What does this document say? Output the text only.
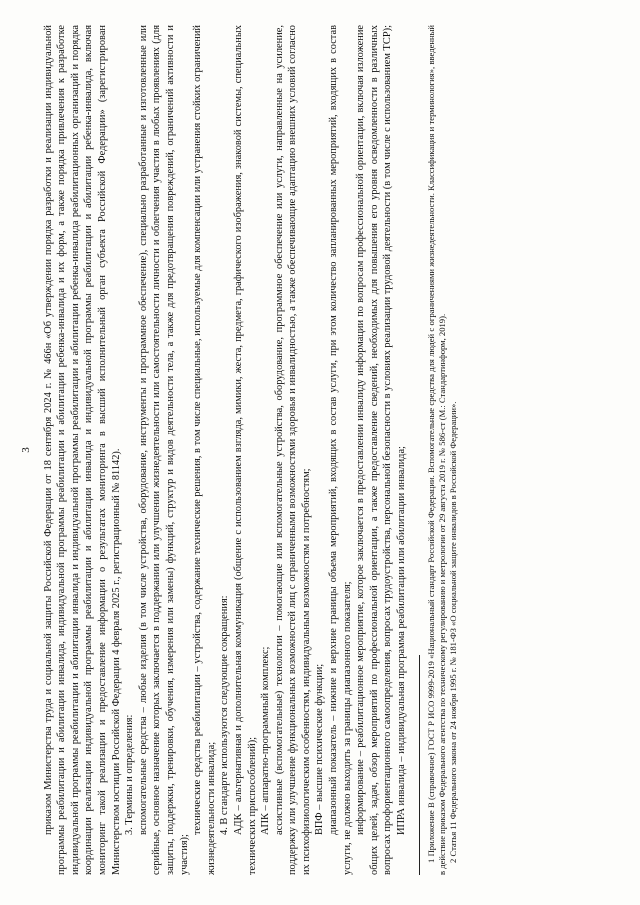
3 приказом Министерства труда и социальной защиты Российской Федерации от 18 сентября 2024 г. № 466н «Об утверждении порядка разработки и реализации индивидуальной программы реабилитации и абилитации инвалида, индивидуальной программы реабилитации и абилитации ребенка-инвалида и их форм, а также порядка привлечения к разработке индивидуальной программы реабилитации и абилитации инвалида и индивидуальной программы реабилитации и абилитации ребенка-инвалида реабилитационных организаций и порядка координации реализации индивидуальной программы реабилитации и абилитации инвалида и индивидуальной программы реабилитации и абилитации ребенка-инвалида, включая мониторинг такой реализации и предоставление информации о результатах мониторинга в высший исполнительный орган субъекта Российской Федерации» (зарегистрирован Министерством юстиции Российской Федерации 4 февраля 2025 г., регистрационный № 81142). 3. Термины и определения: вспомогательные средства – любые изделия (в том числе устройства, оборудование, инструменты и программное обеспечение), специально разработанные и изготовленные или серийные, основное назначение которых заключается в поддержании или улучшении жизнедеятельности или самостоятельности личности и облегчения участия в любых проявлениях (для защиты, поддержки, тренировки, обучения, измерения или замены) функций, структур и видов деятельности тела, а также для предотвращения повреждений, ограничений активности и участия);

технические средства реабилитации – устройства, содержание технические решения, в том числе специальные, используемые для компенсации или устранения стойких ограничений жизнедеятельности инвалида; 4. В стандарте используются следующие сокращения: АДК – альтернативная и дополнительная коммуникация (общение с использованием взгляда, мимики, жеста, предмета, графического изображения, знаковой системы, специальных технических приспособлений); АПК – аппаратно-программный комплекс; ассистивные (вспомогательные) технологии – помогающие или вспомогательные устройства, оборудование, программное обеспечение или услуги, направленные на усиление, поддержку или улучшение функциональных возможностей лиц с ограниченными возможностями здоровья и инвалидностью, а также обеспечивающие адаптацию внешних условий согласно их психофизиологическим особенностям, индивидуальным возможностям и потребностям; ВПФ – высшие психические функции; диапазонный показатель – нижние и верхние границы объема мероприятий, входящих в состав услуги, при этом количество запланированных мероприятий, входящих в состав услуги, не должно выходить за границы диапазонного показателя; информирование – реабилитационное мероприятие, которое заключается в предоставлении инвалиду информации по вопросам профессиональной ориентации, включая изложение общих целей, задач, обзор мероприятий по профессиональной ориентации, а также предоставление сведений, необходимых для повышения его уровня осведомленности в различных вопросах профориентационного самоопределения, вопросах трудоустройства, персональной безопасности в условиях реализации трудовой деятельности (в том числе с использованием ТСР); ИПРА инвалида – индивидуальная программа реабилитации или абилитации инвалида; 1 Приложение В (справочное) ГОСТ Р ИСО 9999-2019 «Национальный стандарт Российской Федерации. Вспомогательные средства для людей с ограничениями жизнедеятельности. Классификация и терминология», введенный в действие приказом Федерального агентства по техническому регулированию и метрологии от 29 августа 2019 г. № 586-ст (М.: Стандартинформ, 2019). 2 Статья 11 Федерального закона от 24 ноября 1995 г. № 181-ФЗ «О социальной защите инвалидов в Российской Федерации».
